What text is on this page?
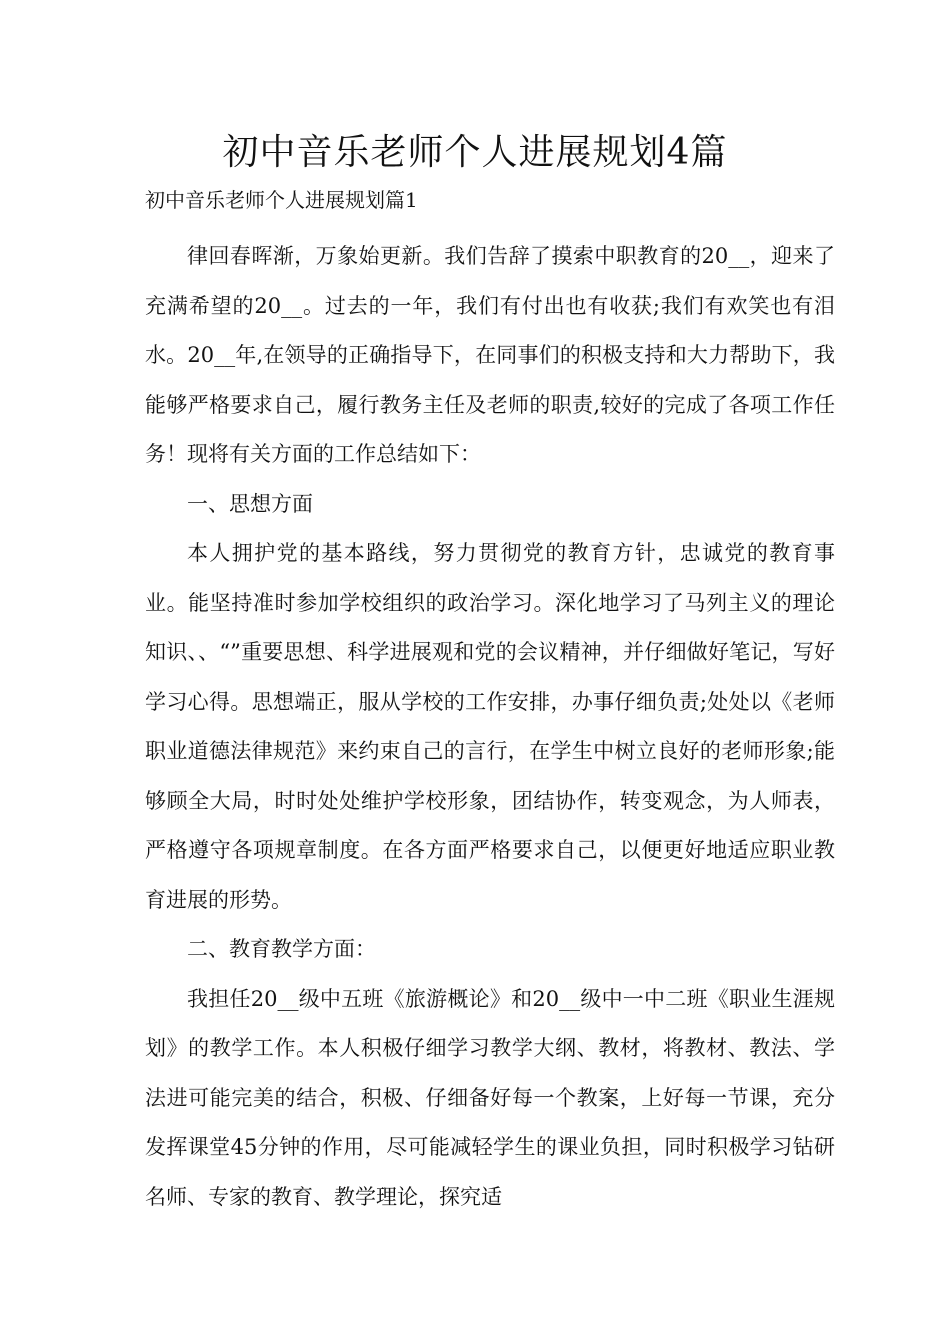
初中音乐老师个人进展规划4篇

初中音乐老师个人进展规划篇1

律回春晖渐，万象始更新。我们告辞了摸索中职教育的20__，迎来了充满希望的20__。过去的一年，我们有付出也有收获;我们有欢笑也有泪水。20__年,在领导的正确指导下，在同事们的积极支持和大力帮助下，我能够严格要求自己，履行教务主任及老师的职责,较好的完成了各项工作任务！现将有关方面的工作总结如下：

一、思想方面

本人拥护党的基本路线，努力贯彻党的教育方针，忠诚党的教育事业。能坚持准时参加学校组织的政治学习。深化地学习了马列主义的理论知识、、“”重要思想、科学进展观和党的会议精神，并仔细做好笔记，写好学习心得。思想端正，服从学校的工作安排，办事仔细负责;处处以《老师职业道德法律规范》来约束自己的言行，在学生中树立良好的老师形象;能够顾全大局，时时处处维护学校形象，团结协作，转变观念，为人师表，严格遵守各项规章制度。在各方面严格要求自己，以便更好地适应职业教育进展的形势。

二、教育教学方面：

我担任20__级中五班《旅游概论》和20__级中一中二班《职业生涯规划》的教学工作。本人积极仔细学习教学大纲、教材，将教材、教法、学法进可能完美的结合，积极、仔细备好每一个教案，上好每一节课，充分发挥课堂45分钟的作用，尽可能减轻学生的课业负担，同时积极学习钻研名师、专家的教育、教学理论，探究适
